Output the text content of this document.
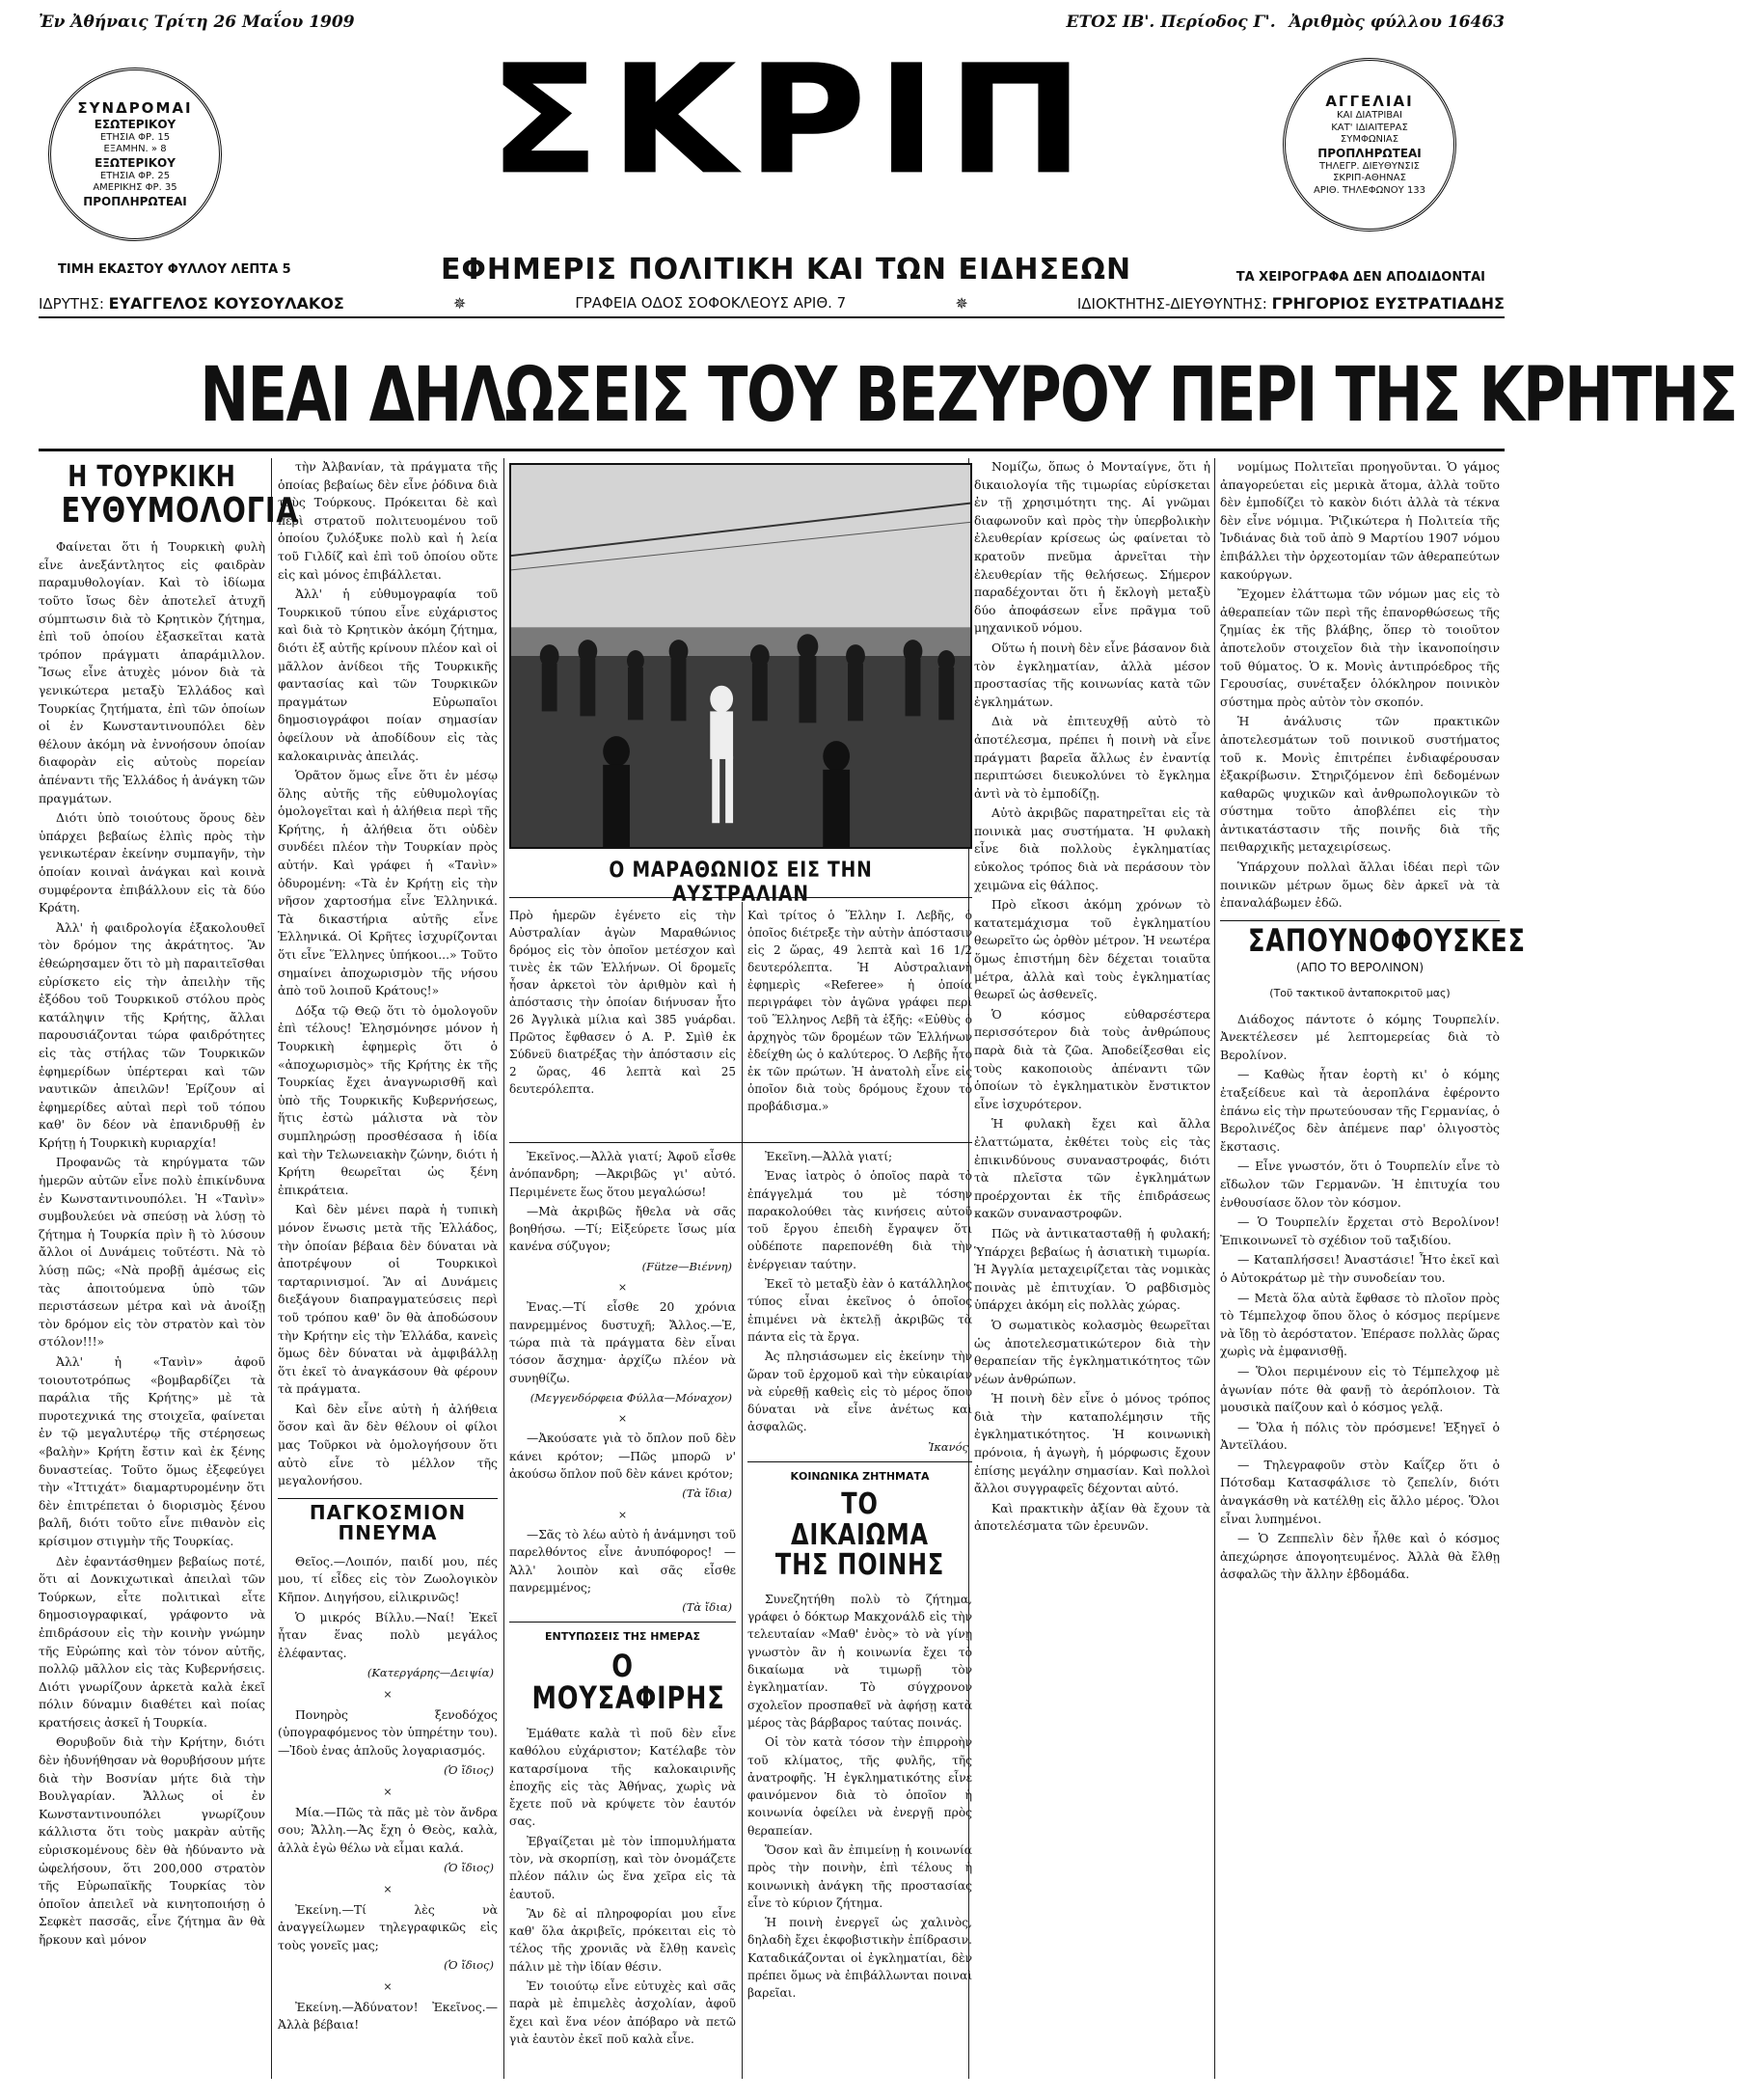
Ἐν Ἀθήναις Τρίτη 26 Μαΐου 1909	ΕΤΟΣ ΙΒ'. Περίοδος Γ'. Ἀριθμὸς φύλλου 16463
ΣΥΝΔΡΟΜΑΙ
ΕΣΩΤΕΡΙΚΟΥ
ΕΤΗΣΙΑ ΦΡ. 15
ΕΞΑΜΗΝ. » 8
ΕΞΩΤΕΡΙΚΟΥ
ΕΤΗΣΙΑ ΦΡ. 25
ΑΜΕΡΙΚΗΣ ΦΡ. 35
ΠΡΟΠΛΗΡΩΤΕΑΙ
ΤΙΜΗ ΕΚΑΣΤΟΥ ΦΥΛΛΟΥ ΛΕΠΤΑ 5
ΣΚΡΙΠ
ΕΦΗΜΕΡΙΣ ΠΟΛΙΤΙΚΗ ΚΑΙ ΤΩΝ ΕΙΔΗΣΕΩΝ
ΑΓΓΕΛΙΑΙ
ΚΑΙ ΔΙΑΤΡΙΒΑΙ
ΚΑΤ' ΙΔΙΑΙΤΕΡΑΣ
ΣΥΜΦΩΝΙΑΣ
ΠΡΟΠΛΗΡΩΤΕΑΙ
ΤΗΛΕΓΡ. ΔΙΕΥΘΥΝΣΙΣ
ΣΚΡΙΠ-ΑΘΗΝΑΣ
ΑΡΙΘ. ΤΗΛΕΦΩΝΟΥ 133
ΤΑ ΧΕΙΡΟΓΡΑΦΑ ΔΕΝ ΑΠΟΔΙΔΟΝΤΑΙ
ΙΔΡΥΤΗΣ: ΕΥΑΓΓΕΛΟΣ ΚΟΥΣΟΥΛΑΚΟΣ	✵	ΓΡΑΦΕΙΑ ΟΔΟΣ ΣΟΦΟΚΛΕΟΥΣ ΑΡΙΘ. 7	✵	ΙΔΙΟΚΤΗΤΗΣ-ΔΙΕΥΘΥΝΤΗΣ: ΓΡΗΓΟΡΙΟΣ ΕΥΣΤΡΑΤΙΑΔΗΣ
ΝΕΑΙ ΔΗΛΩΣΕΙΣ ΤΟΥ ΒΕΖΥΡΟΥ ΠΕΡΙ ΤΗΣ ΚΡΗΤΗΣ
Η ΤΟΥΡΚΙΚΗ
ΕΥΘΥΜΟΛΟΓΙΑ

Φαίνεται ὅτι ἡ Τουρκικὴ φυλὴ εἶνε ἀνεξάντλητος εἰς φαιδρὰν παραμυθολογίαν. Καὶ τὸ ἰδίωμα τοῦτο ἴσως δὲν ἀποτελεῖ ἀτυχῆ σύμπτωσιν διὰ τὸ Κρητικὸν ζήτημα, ἐπὶ τοῦ ὁποίου ἐξασκεῖται κατὰ τρόπον πράγματι ἀπαράμιλλον. Ἴσως εἶνε ἀτυχὲς μόνον διὰ τὰ γενικώτερα μεταξὺ Ἑλλάδος καὶ Τουρκίας ζητήματα, ἐπὶ τῶν ὁποίων οἱ ἐν Κωνσταντινουπόλει δὲν θέλουν ἀκόμη νὰ ἐννοήσουν ὁποίαν διαφορὰν εἰς αὐτοὺς πορείαν ἀπέναντι τῆς Ἑλλάδος ἡ ἀνάγκη τῶν πραγμάτων.

Διότι ὑπὸ τοιούτους ὅρους δὲν ὑπάρχει βεβαίως ἐλπὶς πρὸς τὴν γενικωτέραν ἐκείνην συμπαγῆν, τὴν ὁποίαν κοιναὶ ἀνάγκαι καὶ κοινὰ συμφέροντα ἐπιβάλλουν εἰς τὰ δύο Κράτη.

Ἀλλ' ἡ φαιδρολογία ἐξακολουθεῖ τὸν δρόμον της ἀκράτητος. Ἂν ἐθεώρησαμεν ὅτι τὸ μὴ παραιτεῖσθαι εὐρίσκετο εἰς τὴν ἀπειλὴν τῆς ἐξόδου τοῦ Τουρκικοῦ στόλου πρὸς κατάληψιν τῆς Κρήτης, ἄλλαι παρουσιάζονται τώρα φαιδρότητες εἰς τὰς στήλας τῶν Τουρκικῶν ἐφημερίδων ὑπέρτεραι καὶ τῶν ναυτικῶν ἀπειλῶν! Ἐρίζουν αἱ ἐφημερίδες αὐταὶ περὶ τοῦ τόπου καθ' ὃν δέον νὰ ἐπανιδρυθῇ ἐν Κρήτῃ ἡ Τουρκικὴ κυριαρχία!

Προφανῶς τὰ κηρύγματα τῶν ἡμερῶν αὐτῶν εἶνε πολὺ ἐπικίνδυνα ἐν Κωνσταντινουπόλει. Ἡ «Τανὶν» συμβουλεύει νὰ σπεύσῃ νὰ λύσῃ τὸ ζήτημα ἡ Τουρκία πρὶν ἢ τὸ λύσουν ἄλλοι οἱ Δυνάμεις τοῦτέστι. Νὰ τὸ λύσῃ πῶς; «Νὰ προβῇ ἀμέσως εἰς τὰς ἀποιτούμενα ὑπὸ τῶν περιστάσεων μέτρα καὶ νὰ ἀνοίξῃ τὸν δρόμον εἰς τὸν στρατὸν καὶ τὸν στόλον!!!»

Ἀλλ' ἡ «Τανὶν» ἀφοῦ τοιουτοτρόπως «βομβαρδίζει τὰ παράλια τῆς Κρήτης» μὲ τὰ πυροτεχνικά της στοιχεῖα, φαίνεται ἐν τῷ μεγαλυτέρῳ τῆς στέρησεως «βαλὴν» Κρήτη ἔστιν καὶ ἐκ ξένης δυναστείας. Τοῦτο ὅμως ἐξεφεύγει τὴν «Ἰττιχάτ» διαμαρτυρομένην ὅτι δὲν ἐπιτρέπεται ὁ διορισμὸς ξένου βαλῆ, διότι τοῦτο εἶνε πιθανὸν εἰς κρίσιμον στιγμὴν τῆς Τουρκίας.

Δὲν ἐφαντάσθημεν βεβαίως ποτέ, ὅτι αἱ Δονκιχωτικαὶ ἀπειλαὶ τῶν Τούρκων, εἶτε πολιτικαὶ εἶτε δημοσιογραφικαί, γράφοντο νὰ ἐπιδράσουν εἰς τὴν κοινὴν γνώμην τῆς Εὐρώπης καὶ τὸν τόνον αὐτῆς, πολλῷ μᾶλλον εἰς τὰς Κυβερνήσεις. Διότι γνωρίζουν ἀρκετὰ καλὰ ἐκεῖ πόλιν δύναμιν διαθέτει καὶ ποίας κρατήσεις ἀσκεῖ ἡ Τουρκία.

Θορυβοῦν διὰ τὴν Κρήτην, διότι δὲν ἠδυνήθησαν νὰ θορυβήσουν μήτε διὰ τὴν Βοσνίαν μήτε διὰ τὴν Βουλγαρίαν. Ἄλλως οἱ ἐν Κωνσταντινουπόλει γνωρίζουν κάλλιστα ὅτι τοὺς μακρὰν αὐτῆς εὐρισκομένους δὲν θὰ ἠδύναντο νὰ ὠφελήσουν, ὅτι 200,000 στρατὸν τῆς Εὐρωπαϊκῆς Τουρκίας τὸν ὁποῖον ἀπειλεῖ νὰ κινητοποιήσῃ ὁ Σεφκὲτ πασσᾶς, εἶνε ζήτημα ἂν θὰ ἤρκουν καὶ μόνον

τὴν Ἀλβανίαν, τὰ πράγματα τῆς ὁποίας βεβαίως δὲν εἶνε ῥόδινα διὰ τοὺς Τούρκους. Πρόκειται δὲ καὶ περὶ στρατοῦ πολιτευομένου τοῦ ὁποίου ζυλόξυκε πολὺ καὶ ἡ λεία τοῦ Γιλδίζ καὶ ἐπὶ τοῦ ὁποίου οὔτε εἰς καὶ μόνος ἐπιβάλλεται.

Ἀλλ' ἡ εὐθυμογραφία τοῦ Τουρκικοῦ τύπου εἶνε εὐχάριστος καὶ διὰ τὸ Κρητικὸν ἀκόμη ζήτημα, διότι ἐξ αὐτῆς κρίνουν πλέον καὶ οἱ μᾶλλον ἀνίδεοι τῆς Τουρκικῆς φαντασίας καὶ τῶν Τουρκικῶν πραγμάτων Εὐρωπαῖοι δημοσιογράφοι ποίαν σημασίαν ὀφείλουν νὰ ἀποδίδουν εἰς τὰς καλοκαιρινὰς ἀπειλάς.

Ὁρᾶτον ὅμως εἶνε ὅτι ἐν μέσῳ ὅλης αὐτῆς τῆς εὐθυμολογίας ὁμολογεῖται καὶ ἡ ἀλήθεια περὶ τῆς Κρήτης, ἡ ἀλήθεια ὅτι οὐδὲν συνδέει πλέον τὴν Τουρκίαν πρὸς αὐτήν. Καὶ γράφει ἡ «Τανὶν» ὀδυρομένη: «Τὰ ἐν Κρήτῃ εἰς τὴν νῆσον χαρτοσήμα εἶνε Ἑλληνικά. Τὰ δικαστήρια αὐτῆς εἶνε Ἑλληνικά. Οἱ Κρῆτες ἰσχυρίζονται ὅτι εἶνε Ἕλληνες ὑπήκοοι...» Τοῦτο σημαίνει ἀποχωρισμὸν τῆς νήσου ἀπὸ τοῦ λοιποῦ Κράτους!»

Δόξα τῷ Θεῷ ὅτι τὸ ὁμολογοῦν ἐπὶ τέλους! Ἐλησμόνησε μόνον ἡ Τουρκικὴ ἐφημερὶς ὅτι ὁ «ἀποχωρισμὸς» τῆς Κρήτης ἐκ τῆς Τουρκίας ἔχει ἀναγνωρισθῆ καὶ ὑπὸ τῆς Τουρκικῆς Κυβερνήσεως, ἥτις ἐστὼ μάλιστα νὰ τὸν συμπληρώσῃ προσθέσασα ἡ ἰδία καὶ τὴν Τελωνειακὴν ζώνην, διότι ἡ Κρήτη θεωρεῖται ὡς ξένη ἐπικράτεια.

Καὶ δὲν μένει παρὰ ἡ τυπικὴ μόνον ἕνωσις μετὰ τῆς Ἑλλάδος, τὴν ὁποίαν βέβαια δὲν δύναται νὰ ἀποτρέψουν οἱ Τουρκικοὶ ταρταρινισμοί. Ἂν αἱ Δυνάμεις διεξάγουν διαπραγματεύσεις περὶ τοῦ τρόπου καθ' ὃν θὰ ἀποδώσουν τὴν Κρήτην εἰς τὴν Ἑλλάδα, κανεὶς ὅμως δὲν δύναται νὰ ἀμφιβάλλῃ ὅτι ἐκεῖ τὸ ἀναγκάσουν θὰ φέρουν τὰ πράγματα.

Καὶ δὲν εἶνε αὐτὴ ἡ ἀλήθεια ὅσον καὶ ἂν δὲν θέλουν οἱ φίλοι μας Τοῦρκοι νὰ ὁμολογήσουν ὅτι αὐτὸ εἶνε τὸ μέλλον τῆς μεγαλονήσου.

ΠΑΓΚΟΣΜΙΟΝ ΠΝΕΥΜΑ

Θεῖος.—Λοιπόν, παιδί μου, πές μου, τί εἶδες εἰς τὸν Ζωολογικὸν Κῆπον. Διηγήσου, εἰλικρινῶς!

Ὁ μικρός Βίλλυ.—Ναί! Ἐκεῖ ἦταν ἕνας πολὺ μεγάλος ἐλέφαντας.

(Κατεργάρης—Δειψία)
×

Πονηρὸς ξενοδόχος (ὑπογραφόμενος τὸν ὑπηρέτην του).—Ἰδοὺ ἐνας ἀπλοῦς λογαριασμός.

(Ὁ ἴδιος)
×

Μία.—Πῶς τὰ πᾶς μὲ τὸν ἄνδρα σου; Ἄλλη.—Ἀς ἔχη ὁ Θεὸς, καλὰ, ἀλλὰ ἐγὼ θέλω νὰ εἶμαι καλά.

(Ὁ ἴδιος)
×

Ἐκείνη.—Τί λὲς νὰ ἀναγγείλωμεν τηλεγραφικῶς εἰς τοὺς γονεῖς μας;

(Ὁ ἴδιος)
×

Ἐκείνη.—Ἀδύνατον! Ἐκεῖνος.—Ἀλλὰ βέβαια!

Ο ΜΑΡΑΘΩΝΙΟΣ ΕΙΣ ΤΗΝ ΑΥΣΤΡΑΛΙΑΝ
Πρὸ ἡμερῶν ἐγένετο εἰς τὴν Αὐστραλίαν ἀγὼν Μαραθώνιος δρόμος εἰς τὸν ὁποῖον μετέσχον καὶ τινὲς ἐκ τῶν Ἑλλήνων. Οἱ δρομεῖς ἦσαν ἀρκετοὶ τὸν ἀριθμὸν καὶ ἡ ἀπόστασις τὴν ὁποίαν διήνυσαν ἦτο 26 Ἀγγλικὰ μίλια καὶ 385 γυάρδαι. Πρῶτος ἔφθασεν ὁ Α. Ρ. Σμὶθ ἐκ Σύδνεϋ διατρέξας τὴν ἀπόστασιν εἰς 2 ὥρας, 46 λεπτὰ καὶ 25 δευτερόλεπτα.
Καὶ τρίτος ὁ Ἕλλην Ι. Λεβῆς, ὁ ὁποῖος διέτρεξε τὴν αὐτὴν ἀπόστασιν εἰς 2 ὥρας, 49 λεπτὰ καὶ 16 1/2 δευτερόλεπτα. Ἡ Αὐστραλιανὴ ἐφημερὶς «Referee» ἡ ὁποία περιγράφει τὸν ἀγῶνα γράφει περὶ τοῦ Ἕλληνος Λεβῆ τὰ ἑξῆς: «Εὐθὺς ὁ ἀρχηγὸς τῶν δρομέων τῶν Ἑλλήνων ἐδείχθη ὡς ὁ καλύτερος. Ὁ Λεβῆς ἦτο ἐκ τῶν πρώτων. Ἡ ἀνατολὴ εἶνε εἰς ὁποῖον διὰ τοὺς δρόμους ἔχουν τὸ προβάδισμα.»

Ἐκεῖνος.—Ἀλλὰ γιατί; Ἀφοῦ εἶσθε ἀνόπανδρη; —Ἀκριβῶς γι' αὐτό. Περιμένετε ἕως ὅτου μεγαλώσω!

—Μὰ ἀκριβῶς ἤθελα νὰ σᾶς βοηθήσω. —Τί; Εἰξεύρετε ἴσως μία κανένα σύζυγον;

(Fütze—Βιέννη)
×

Ἐνας.—Τί εἶσθε 20 χρόνια πανρεμμένος δυστυχῆ; Ἄλλος.—Ἐ, τώρα πιὰ τὰ πράγματα δὲν εἶναι τόσον ἄσχημα· ἀρχίζω πλέον νὰ συνηθίζω.

(Μεγγενδόρφεια Φύλλα—Μόναχον)
×

—Ἀκούσατε γιὰ τὸ ὄπλον ποῦ δὲν κάνει κρότον; —Πῶς μπορῶ ν' ἀκούσω ὅπλον ποῦ δὲν κάνει κρότον;

(Τὰ ἴδια)
×

—Σᾶς τὸ λέω αὐτὸ ἡ ἀνάμνησι τοῦ παρελθόντος εἶνε ἀνυπόφορος! —Ἀλλ' λοιπὸν καὶ σᾶς εἶσθε πανρεμμένος;

(Τὰ ἴδια)
ΕΝΤΥΠΩΣΕΙΣ ΤΗΣ ΗΜΕΡΑΣ
Ο ΜΟΥΣΑΦΙΡΗΣ

Ἐμάθατε καλὰ τὶ ποῦ δὲν εἶνε καθόλου εὐχάριστον; Κατέλαβε τὸν καταρσίμονα τῆς καλοκαιρινῆς ἐποχῆς εἰς τὰς Ἀθήνας, χωρὶς νὰ ἔχετε ποῦ νὰ κρύψετε τὸν ἑαυτόν σας.

Ἐβγαίζεται μὲ τὸν ἱππομυλήματα τὸν, νὰ σκορπίσῃ, καὶ τὸν ὀνομάζετε πλέον πάλιν ὡς ἕνα χεῖρα εἰς τὰ ἑαυτοῦ.

Ἂν δὲ αἱ πληροφορίαι μου εἶνε καθ' ὅλα ἀκριβεῖς, πρόκειται εἰς τὸ τέλος τῆς χρονιᾶς νὰ ἔλθῃ κανεὶς πάλιν μὲ τὴν ἰδίαν θέσιν.

Ἐν τοιούτῳ εἶνε εὐτυχὲς καὶ σᾶς παρὰ μὲ ἐπιμελὲς ἀσχολίαν, ἀφοῦ ἔχει καὶ ἕνα νέον ἀπόβαρο νὰ πετῶ γιὰ ἑαυτὸν ἐκεῖ ποῦ καλὰ εἶνε.

Ἐκεῖνη.—Ἀλλὰ γιατί;

Ἐνας ἰατρὸς ὁ ὁποῖος παρὰ τὸ ἐπάγγελμά του μὲ τόσην παρακολούθει τὰς κινήσεις αὐτοῦ τοῦ ἔργου ἐπειδὴ ἔγραψεν ὅτι οὐδέποτε παρεπονέθη διὰ τὴν ἐνέργειαν ταύτην.

Ἐκεῖ τὸ μεταξὺ ἐὰν ὁ κατάλληλος τύπος εἶναι ἐκεῖνος ὁ ὁποῖος ἐπιμένει νὰ ἐκτελῇ ἀκριβῶς τὰ πάντα εἰς τὰ ἔργα.

Ἀς πλησιάσωμεν εἰς ἐκείνην τὴν ὥραν τοῦ ἐρχομοῦ καὶ τὴν εὐκαιρίαν νὰ εὑρεθῇ καθεὶς εἰς τὸ μέρος ὅπου δύναται νὰ εἶνε ἀνέτως καὶ ἀσφαλῶς.

Ἰκανός
ΚΟΙΝΩΝΙΚΑ ΖΗΤΗΜΑΤΑ
ΤΟ ΔΙΚΑΙΩΜΑ
ΤΗΣ ΠΟΙΝΗΣ

Συνεζητήθη πολὺ τὸ ζήτημα, γράφει ὁ δόκτωρ Μακχονάλδ εἰς τὴν τελευταίαν «Μαθ' ἐνὸς» τὸ νὰ γίνῃ γνωστὸν ἂν ἡ κοινωνία ἔχει τὸ δικαίωμα νὰ τιμωρῇ τὸν ἐγκληματίαν. Τὸ σύγχρονον σχολεῖον προσπαθεῖ νὰ ἀφήσῃ κατὰ μέρος τὰς βάρβαρος ταύτας ποινάς.

Οἱ τὸν κατὰ τόσον τὴν ἐπιρροὴν τοῦ κλίματος, τῆς φυλῆς, τῆς ἀνατροφῆς. Ἡ ἐγκληματικότης εἶνε φαινόμενον διὰ τὸ ὁποῖον ἡ κοινωνία ὀφείλει νὰ ἐνεργῇ πρὸς θεραπείαν.

Ὅσον καὶ ἂν ἐπιμείνῃ ἡ κοινωνία πρὸς τὴν ποινὴν, ἐπὶ τέλους ἡ κοινωνικὴ ἀνάγκη τῆς προστασίας εἶνε τὸ κύριον ζήτημα.

Ἡ ποινὴ ἐνεργεῖ ὡς χαλινὸς, δηλαδὴ ἔχει ἐκφοβιστικὴν ἐπίδρασιν. Καταδικάζονται οἱ ἐγκληματίαι, δὲν πρέπει ὅμως νὰ ἐπιβάλλωνται ποιναὶ βαρεῖαι.

Νομίζω, ὅπως ὁ Μονταίγνε, ὅτι ἡ δικαιολογία τῆς τιμωρίας εὑρίσκεται ἐν τῇ χρησιμότητι της. Αἱ γνῶμαι διαφωνοῦν καὶ πρὸς τὴν ὑπερβολικὴν ἐλευθερίαν κρίσεως ὡς φαίνεται τὸ κρατοῦν πνεῦμα ἀρνεῖται τὴν ἐλευθερίαν τῆς θελήσεως. Σήμερον παραδέχονται ὅτι ἡ ἔκλογὴ μεταξὺ δύο ἀποφάσεων εἶνε πρᾶγμα τοῦ μηχανικοῦ νόμου.

Οὕτω ἡ ποινὴ δὲν εἶνε βάσανον διὰ τὸν ἐγκληματίαν, ἀλλὰ μέσον προστασίας τῆς κοινωνίας κατὰ τῶν ἐγκλημάτων.

Διὰ νὰ ἐπιτευχθῇ αὐτὸ τὸ ἀποτέλεσμα, πρέπει ἡ ποινὴ νὰ εἶνε πράγματι βαρεῖα ἄλλως ἐν ἐναντίᾳ περιπτώσει διευκολύνει τὸ ἔγκλημα ἀντὶ νὰ τὸ ἐμποδίζῃ.

Αὐτὸ ἀκριβῶς παρατηρεῖται εἰς τὰ ποινικὰ μας συστήματα. Ἡ φυλακὴ εἶνε διὰ πολλοὺς ἐγκληματίας εὐκολος τρόπος διὰ νὰ περάσουν τὸν χειμῶνα εἰς θάλπος.

Πρὸ εἴκοσι ἀκόμη χρόνων τὸ κατατεμάχισμα τοῦ ἐγκληματίου θεωρεῖτο ὡς ὀρθὸν μέτρον. Ἡ νεωτέρα ὅμως ἐπιστήμη δὲν δέχεται τοιαῦτα μέτρα, ἀλλὰ καὶ τοὺς ἐγκληματίας θεωρεῖ ὡς ἀσθενεῖς.

Ὁ κόσμος εὐθαρσέστερα περισσότερον διὰ τοὺς ἀνθρώπους παρὰ διὰ τὰ ζῶα. Ἀποδείξεσθαι εἰς τοὺς κακοποιοὺς ἀπέναντι τῶν ὁποίων τὸ ἐγκληματικὸν ἔνστικτον εἶνε ἰσχυρότερον.

Ἡ φυλακὴ ἔχει καὶ ἄλλα ἐλαττώματα, ἐκθέτει τοὺς εἰς τὰς ἐπικινδύνους συναναστροφάς, διότι τὰ πλεῖστα τῶν ἐγκλημάτων προέρχονται ἐκ τῆς ἐπιδράσεως κακῶν συναναστροφῶν.

Πῶς νὰ ἀντικατασταθῇ ἡ φυλακή; Ὑπάρχει βεβαίως ἡ ἀσιατικὴ τιμωρία. Ἡ Ἀγγλία μεταχειρίζεται τὰς νομικὰς ποινὰς μὲ ἐπιτυχίαν. Ὁ ραβδισμὸς ὑπάρχει ἀκόμη εἰς πολλὰς χώρας.

Ὁ σωματικὸς κολασμὸς θεωρεῖται ὡς ἀποτελεσματικώτερον διὰ τὴν θεραπείαν τῆς ἐγκληματικότητος τῶν νέων ἀνθρώπων.

Ἡ ποινὴ δὲν εἶνε ὁ μόνος τρόπος διὰ τὴν καταπολέμησιν τῆς ἐγκληματικότητος. Ἡ κοινωνικὴ πρόνοια, ἡ ἀγωγὴ, ἡ μόρφωσις ἔχουν ἐπίσης μεγάλην σημασίαν. Καὶ πολλοὶ ἄλλοι συγγραφεῖς δέχονται αὐτό.

Καὶ πρακτικὴν ἀξίαν θὰ ἔχουν τὰ ἀποτελέσματα τῶν ἐρευνῶν.

νομίμως Πολιτεῖαι προηγοῦνται. Ὁ γάμος ἀπαγορεύεται εἰς μερικὰ ἄτομα, ἀλλὰ τοῦτο δὲν ἐμποδίζει τὸ κακὸν διότι ἀλλὰ τὰ τέκνα δὲν εἶνε νόμιμα. Ῥιζικώτερα ἡ Πολιτεία τῆς Ἰνδιάνας διὰ τοῦ ἀπὸ 9 Μαρτίου 1907 νόμου ἐπιβάλλει τὴν ὀρχεοτομίαν τῶν ἀθεραπεύτων κακούργων.

Ἔχομεν ἐλάττωμα τῶν νόμων μας εἰς τὸ ἀθεραπείαν τῶν περὶ τῆς ἐπανορθώσεως τῆς ζημίας ἐκ τῆς βλάβης, ὅπερ τὸ τοιοῦτον ἀποτελοῦν στοιχεῖον διὰ τὴν ἱκανοποίησιν τοῦ θύματος. Ὁ κ. Μονὶς ἀντιπρόεδρος τῆς Γερουσίας, συνέταξεν ὁλόκληρον ποινικὸν σύστημα πρὸς αὐτὸν τὸν σκοπόν.

Ἡ ἀνάλυσις τῶν πρακτικῶν ἀποτελεσμάτων τοῦ ποινικοῦ συστήματος τοῦ κ. Μονὶς ἐπιτρέπει ἐνδιαφέρουσαν ἐξακρίβωσιν. Στηριζόμενον ἐπὶ δεδομένων καθαρῶς ψυχικῶν καὶ ἀνθρωπολογικῶν τὸ σύστημα τοῦτο ἀποβλέπει εἰς τὴν ἀντικατάστασιν τῆς ποινῆς διὰ τῆς πειθαρχικῆς μεταχειρίσεως.

Ὑπάρχουν πολλαὶ ἄλλαι ἰδέαι περὶ τῶν ποινικῶν μέτρων ὅμως δὲν ἀρκεῖ νὰ τὰ ἐπαναλάβωμεν ἐδῶ.

ΣΑΠΟΥΝΟΦΟΥΣΚΕΣ
(ΑΠΟ ΤΟ ΒΕΡΟΛΙΝΟΝ)
(Τοῦ τακτικοῦ ἀνταποκριτοῦ μας)

Διάδοχος πάντοτε ὁ κόμης Τουρπελίν. Ἀνεκτέλεσεν μέ λεπτομερείας διὰ τὸ Βερολίνον.

— Καθὼς ἦταν ἑορτὴ κι' ὁ κόμης ἐταξείδευε καὶ τὰ ἀεροπλάνα ἐφέροντο ἐπάνω εἰς τὴν πρωτεύουσαν τῆς Γερμανίας, ὁ Βερολινέζος δὲν ἀπέμενε παρ' ὀλιγοστὸς ἔκστασις.

— Εἶνε γνωστόν, ὅτι ὁ Τουρπελίν εἶνε τὸ εἴδωλον τῶν Γερμανῶν. Ἡ ἐπιτυχία του ἐνθουσίασε ὅλον τὸν κόσμον.

— Ὁ Τουρπελίν ἔρχεται στὸ Βερολίνον! Ἐπικοινωνεῖ τὸ σχέδιον τοῦ ταξιδίου.

— Καταπλήσσει! Ἀναστάσιε! Ἦτο ἐκεῖ καὶ ὁ Αὐτοκράτωρ μὲ τὴν συνοδείαν του.

— Μετὰ ὅλα αὐτὰ ἔφθασε τὸ πλοῖον πρὸς τὸ Τέμπελχοφ ὅπου ὅλος ὁ κόσμος περίμενε νὰ ἴδῃ τὸ ἀερόστατον. Ἐπέρασε πολλὰς ὥρας χωρὶς νὰ ἐμφανισθῇ.

— Ὅλοι περιμένουν εἰς τὸ Τέμπελχοφ μὲ ἀγωνίαν πότε θὰ φανῇ τὸ ἀερόπλοιον. Τὰ μουσικὰ παίζουν καὶ ὁ κόσμος γελᾷ.

— Ὅλα ἡ πόλις τὸν πρόσμενε! Ἐξηγεῖ ὁ Ἀντεϊλάου.

— Τηλεγραφοῦν στὸν Καΐζερ ὅτι ὁ Πότσδαμ Κατασφάλισε τὸ ζεπελίν, διότι ἀναγκάσθη νὰ κατέλθῃ εἰς ἄλλο μέρος. Ὅλοι εἶναι λυπημένοι.

— Ὁ Ζεππελὶν δὲν ἦλθε καὶ ὁ κόσμος ἀπεχώρησε ἀπογοητευμένος. Ἀλλὰ θὰ ἔλθῃ ἀσφαλῶς τὴν ἄλλην ἑβδομάδα.
